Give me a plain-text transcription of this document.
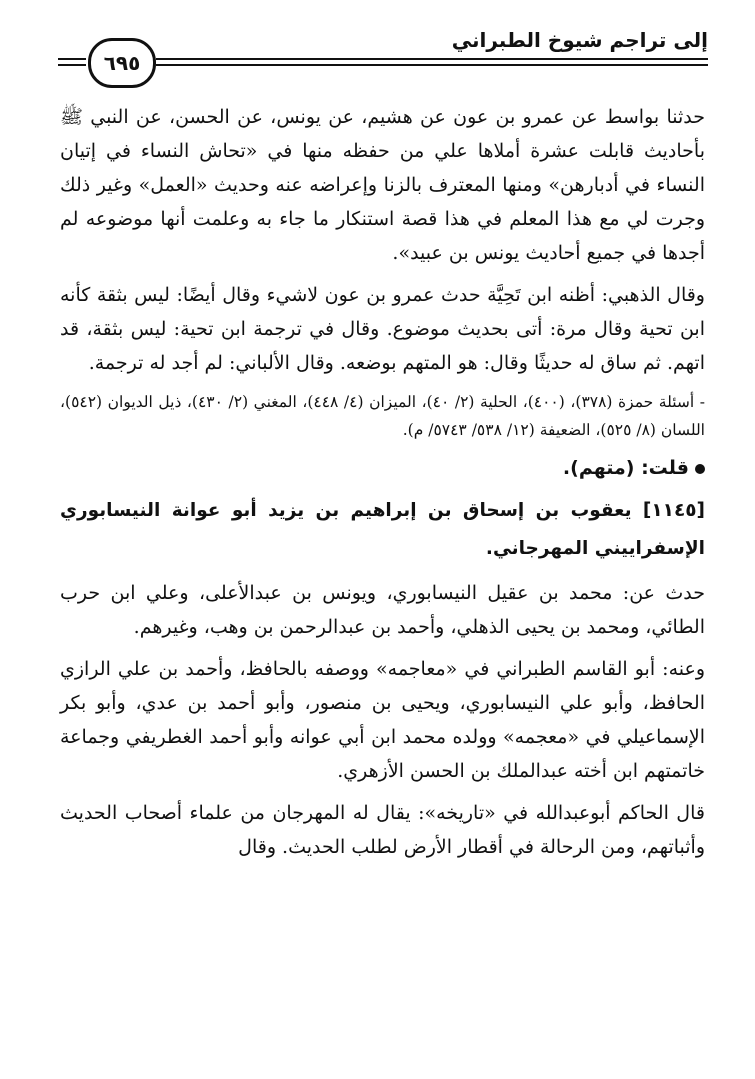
إلى تراجم شيوخ الطبراني
٦٩٥

حدثنا بواسط عن عمرو بن عون عن هشيم، عن يونس، عن الحسن، عن النبي ﷺ بأحاديث قابلت عشرة أملاها علي من حفظه منها في «تحاش النساء في إتيان النساء في أدبارهن» ومنها المعترف بالزنا وإعراضه عنه وحديث «العمل» وغير ذلك وجرت لي مع هذا المعلم في هذا قصة استنكار ما جاء به وعلمت أنها موضوعه لم أجدها في جميع أحاديث يونس بن عبيد».

وقال الذهبي: أظنه ابن تَحِيَّة حدث عمرو بن عون لاشيء وقال أيضًا: ليس بثقة كأنه ابن تحية وقال مرة: أتى بحديث موضوع. وقال في ترجمة ابن تحية: ليس بثقة، قد اتهم. ثم ساق له حديثًا وقال: هو المتهم بوضعه. وقال الألباني: لم أجد له ترجمة.

- أسئلة حمزة (٣٧٨)، (٤٠٠)، الحلية (٢/ ٤٠)، الميزان (٤/ ٤٤٨)، المغني (٢/ ٤٣٠)، ذيل الديوان (٥٤٢)، اللسان (٨/ ٥٢٥)، الضعيفة (١٢/ ٥٣٨/ ٥٧٤٣/ م).

قلت: (متهم).

[١١٤٥] يعقوب بن إسحاق بن إبراهيم بن يزيد أبو عوانة النيسابوري الإسفراييني المهرجاني.

حدث عن: محمد بن عقيل النيسابوري، ويونس بن عبدالأعلى، وعلي ابن حرب الطائي، ومحمد بن يحيى الذهلي، وأحمد بن عبدالرحمن بن وهب، وغيرهم.

وعنه: أبو القاسم الطبراني في «معاجمه» ووصفه بالحافظ، وأحمد بن علي الرازي الحافظ، وأبو علي النيسابوري، ويحيى بن منصور، وأبو أحمد بن عدي، وأبو بكر الإسماعيلي في «معجمه» وولده محمد ابن أبي عوانه وأبو أحمد الغطريفي وجماعة خاتمتهم ابن أخته عبدالملك بن الحسن الأزهري.

قال الحاكم أبوعبدالله في «تاريخه»: يقال له المهرجان من علماء أصحاب الحديث وأثباتهم، ومن الرحالة في أقطار الأرض لطلب الحديث. وقال
